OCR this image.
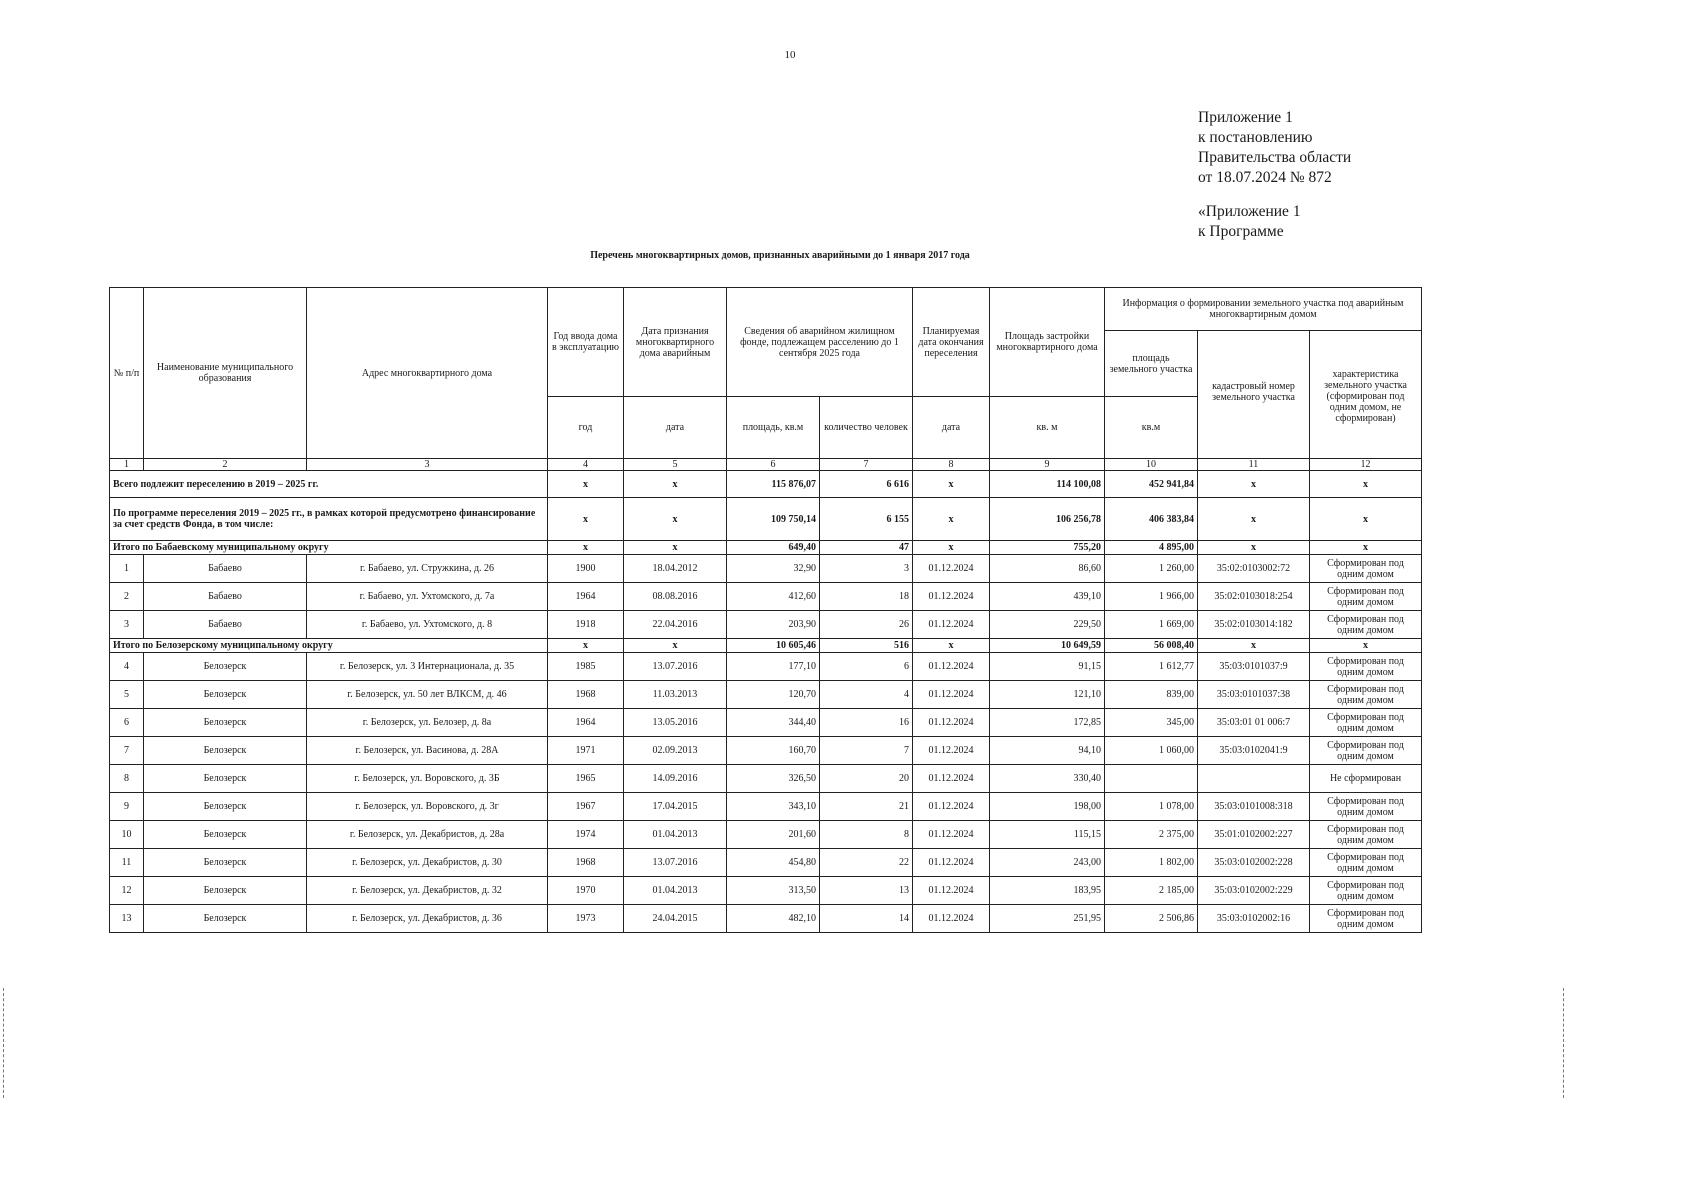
10
Приложение 1
к постановлению
Правительства области
от 18.07.2024 № 872
«Приложение 1
к Программе
Перечень многоквартирных домов, признанных аварийными до 1 января 2017 года
№ п/п	Наименование муниципального образования	Адрес многоквартирного дома	Год ввода дома в эксплуатацию	Дата признания многоквартирного дома аварийным	Сведения об аварийном жилищном фонде, подлежащем расселению до 1 сентября 2025 года		Планируемая дата окончания переселения	Площадь застройки многоквартирного дома	Информация о формировании земельного участка под аварийным многоквартирным домом		
									площадь земельного участка	кадастровый номер земельного участка	характеристика земельного участка (сформирован под одним домом, не сформирован)
			год	дата	площадь, кв.м	количество человек	дата	кв. м	кв.м		
1	2	3	4	5	6	7	8	9	10	11	12
Всего подлежит переселению в 2019 – 2025 гг.			х	х	115 876,07	6 616	х	114 100,08	452 941,84	х	х
По программе переселения 2019 – 2025 гг., в рамках которой предусмотрено финансирование за счет средств Фонда, в том числе:			х	х	109 750,14	6 155	х	106 256,78	406 383,84	х	х
Итого по Бабаевскому муниципальному округу			х	х	649,40	47	х	755,20	4 895,00	х	х
1	Бабаево	г. Бабаево, ул. Стружкина, д. 26	1900	18.04.2012	32,90	3	01.12.2024	86,60	1 260,00	35:02:0103002:72	Сформирован под одним домом
2	Бабаево	г. Бабаево, ул. Ухтомского, д. 7а	1964	08.08.2016	412,60	18	01.12.2024	439,10	1 966,00	35:02:0103018:254	Сформирован под одним домом
3	Бабаево	г. Бабаево, ул. Ухтомского, д. 8	1918	22.04.2016	203,90	26	01.12.2024	229,50	1 669,00	35:02:0103014:182	Сформирован под одним домом
Итого по Белозерскому муниципальному округу			х	х	10 605,46	516	х	10 649,59	56 008,40	х	х
4	Белозерск	г. Белозерск, ул. 3 Интернационала, д. 35	1985	13.07.2016	177,10	6	01.12.2024	91,15	1 612,77	35:03:0101037:9	Сформирован под одним домом
5	Белозерск	г. Белозерск, ул. 50 лет ВЛКСМ, д. 46	1968	11.03.2013	120,70	4	01.12.2024	121,10	839,00	35:03:0101037:38	Сформирован под одним домом
6	Белозерск	г. Белозерск, ул. Белозер, д. 8а	1964	13.05.2016	344,40	16	01.12.2024	172,85	345,00	35:03:01 01 006:7	Сформирован под одним домом
7	Белозерск	г. Белозерск, ул. Васинова, д. 28А	1971	02.09.2013	160,70	7	01.12.2024	94,10	1 060,00	35:03:0102041:9	Сформирован под одним домом
8	Белозерск	г. Белозерск, ул. Воровского, д. 3Б	1965	14.09.2016	326,50	20	01.12.2024	330,40			Не сформирован
9	Белозерск	г. Белозерск, ул. Воровского, д. 3г	1967	17.04.2015	343,10	21	01.12.2024	198,00	1 078,00	35:03:0101008:318	Сформирован под одним домом
10	Белозерск	г. Белозерск, ул. Декабристов, д. 28а	1974	01.04.2013	201,60	8	01.12.2024	115,15	2 375,00	35:01:0102002:227	Сформирован под одним домом
11	Белозерск	г. Белозерск, ул. Декабристов, д. 30	1968	13.07.2016	454,80	22	01.12.2024	243,00	1 802,00	35:03:0102002:228	Сформирован под одним домом
12	Белозерск	г. Белозерск, ул. Декабристов, д. 32	1970	01.04.2013	313,50	13	01.12.2024	183,95	2 185,00	35:03:0102002:229	Сформирован под одним домом
13	Белозерск	г. Белозерск, ул. Декабристов, д. 36	1973	24.04.2015	482,10	14	01.12.2024	251,95	2 506,86	35:03:0102002:16	Сформирован под одним домом
